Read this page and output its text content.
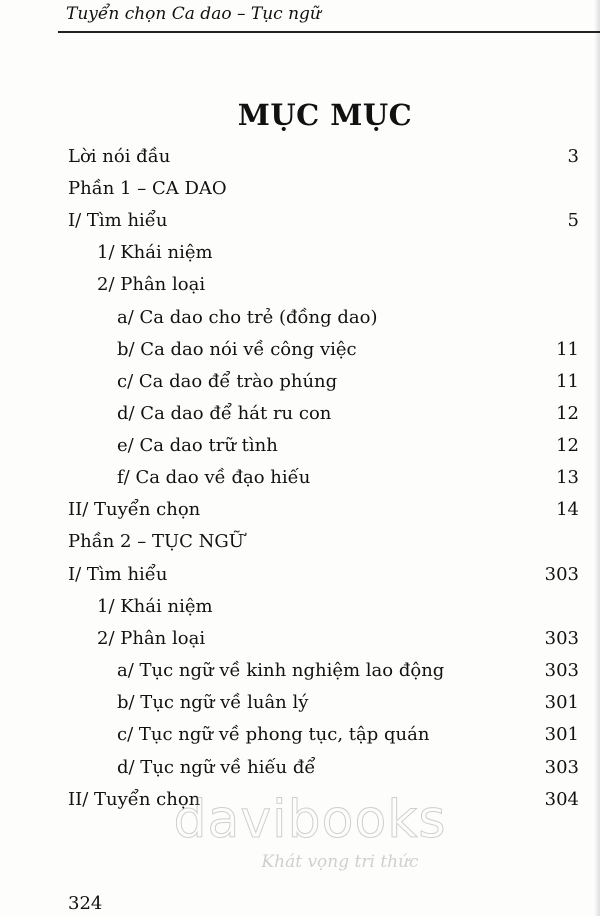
Tuyển chọn Ca dao – Tục ngữ
MỤC MỤC
Lời nói đầu	3
Phần 1 – CA DAO
I/ Tìm hiểu	5
1/ Khái niệm
2/ Phân loại
a/ Ca dao cho trẻ (đồng dao)
b/ Ca dao nói về công việc	11
c/ Ca dao để trào phúng	11
d/ Ca dao để hát ru con	12
e/ Ca dao trữ tình	12
f/ Ca dao về đạo hiếu	13
II/ Tuyển chọn	14
Phần 2 – TỤC NGỮ
I/ Tìm hiểu	303
1/ Khái niệm
2/ Phân loại	303
a/ Tục ngữ về kinh nghiệm lao động	303
b/ Tục ngữ về luân lý	301
c/ Tục ngữ về phong tục, tập quán	301
d/ Tục ngữ về hiếu để	303
II/ Tuyển chọn	304
davibooks
Khát vọng tri thức
324
